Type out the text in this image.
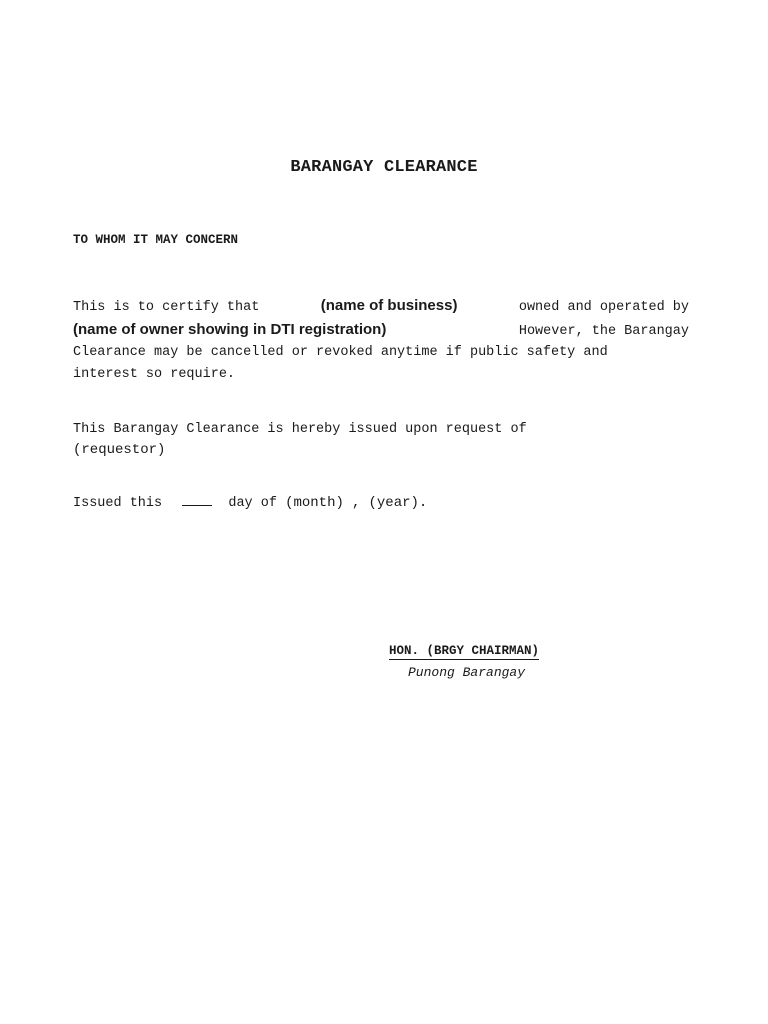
BARANGAY CLEARANCE
TO WHOM IT MAY CONCERN
This is to certify that	(name of business)	owned and operated by
(name of owner showing in DTI registration)	However, the Barangay
Clearance may be cancelled or revoked anytime if public safety and
interest so require.
This Barangay Clearance is hereby issued upon request of
(requestor)
Issued this	day of (month) , (year).
HON. (BRGY CHAIRMAN)
Punong Barangay
